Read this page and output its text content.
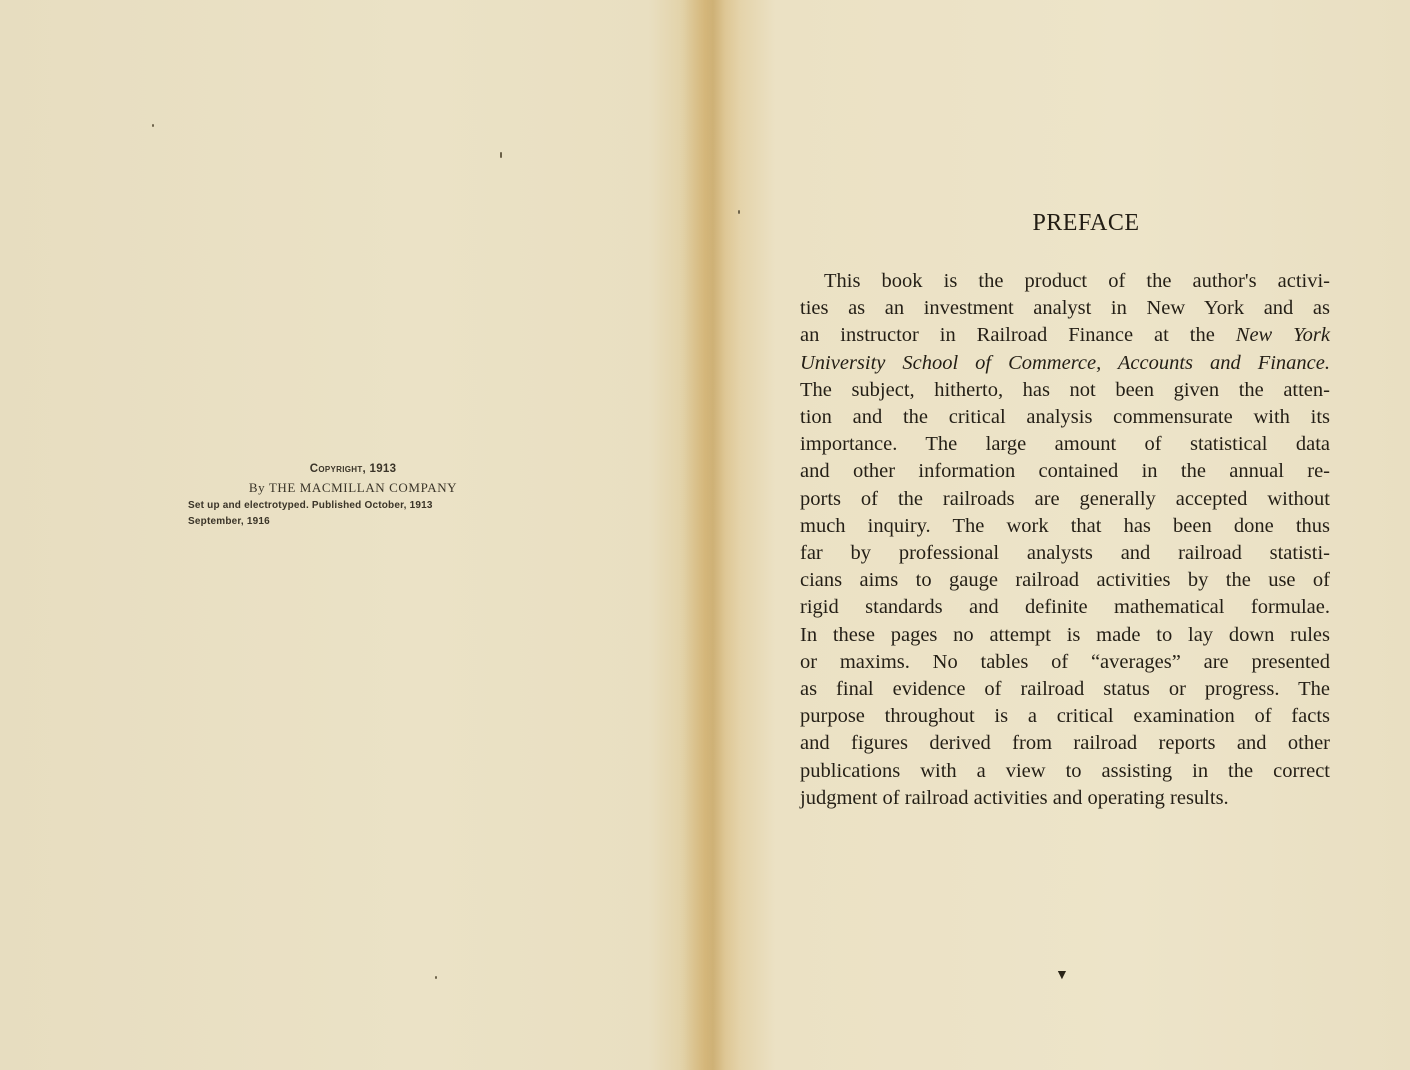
Copyright, 1913
By THE MACMILLAN COMPANY
Set up and electrotyped. Published October, 1913
September, 1916
PREFACE
This book is the product of the author's activi-
ties as an investment analyst in New York and as
an instructor in Railroad Finance at the New York
University School of Commerce, Accounts and Finance.
The subject, hitherto, has not been given the atten-
tion and the critical analysis commensurate with its
importance. The large amount of statistical data
and other information contained in the annual re-
ports of the railroads are generally accepted without
much inquiry. The work that has been done thus
far by professional analysts and railroad statisti-
cians aims to gauge railroad activities by the use of
rigid standards and definite mathematical formulae.
In these pages no attempt is made to lay down rules
or maxims. No tables of “averages” are presented
as final evidence of railroad status or progress. The
purpose throughout is a critical examination of facts
and figures derived from railroad reports and other
publications with a view to assisting in the correct
judgment of railroad activities and operating results.
▼
